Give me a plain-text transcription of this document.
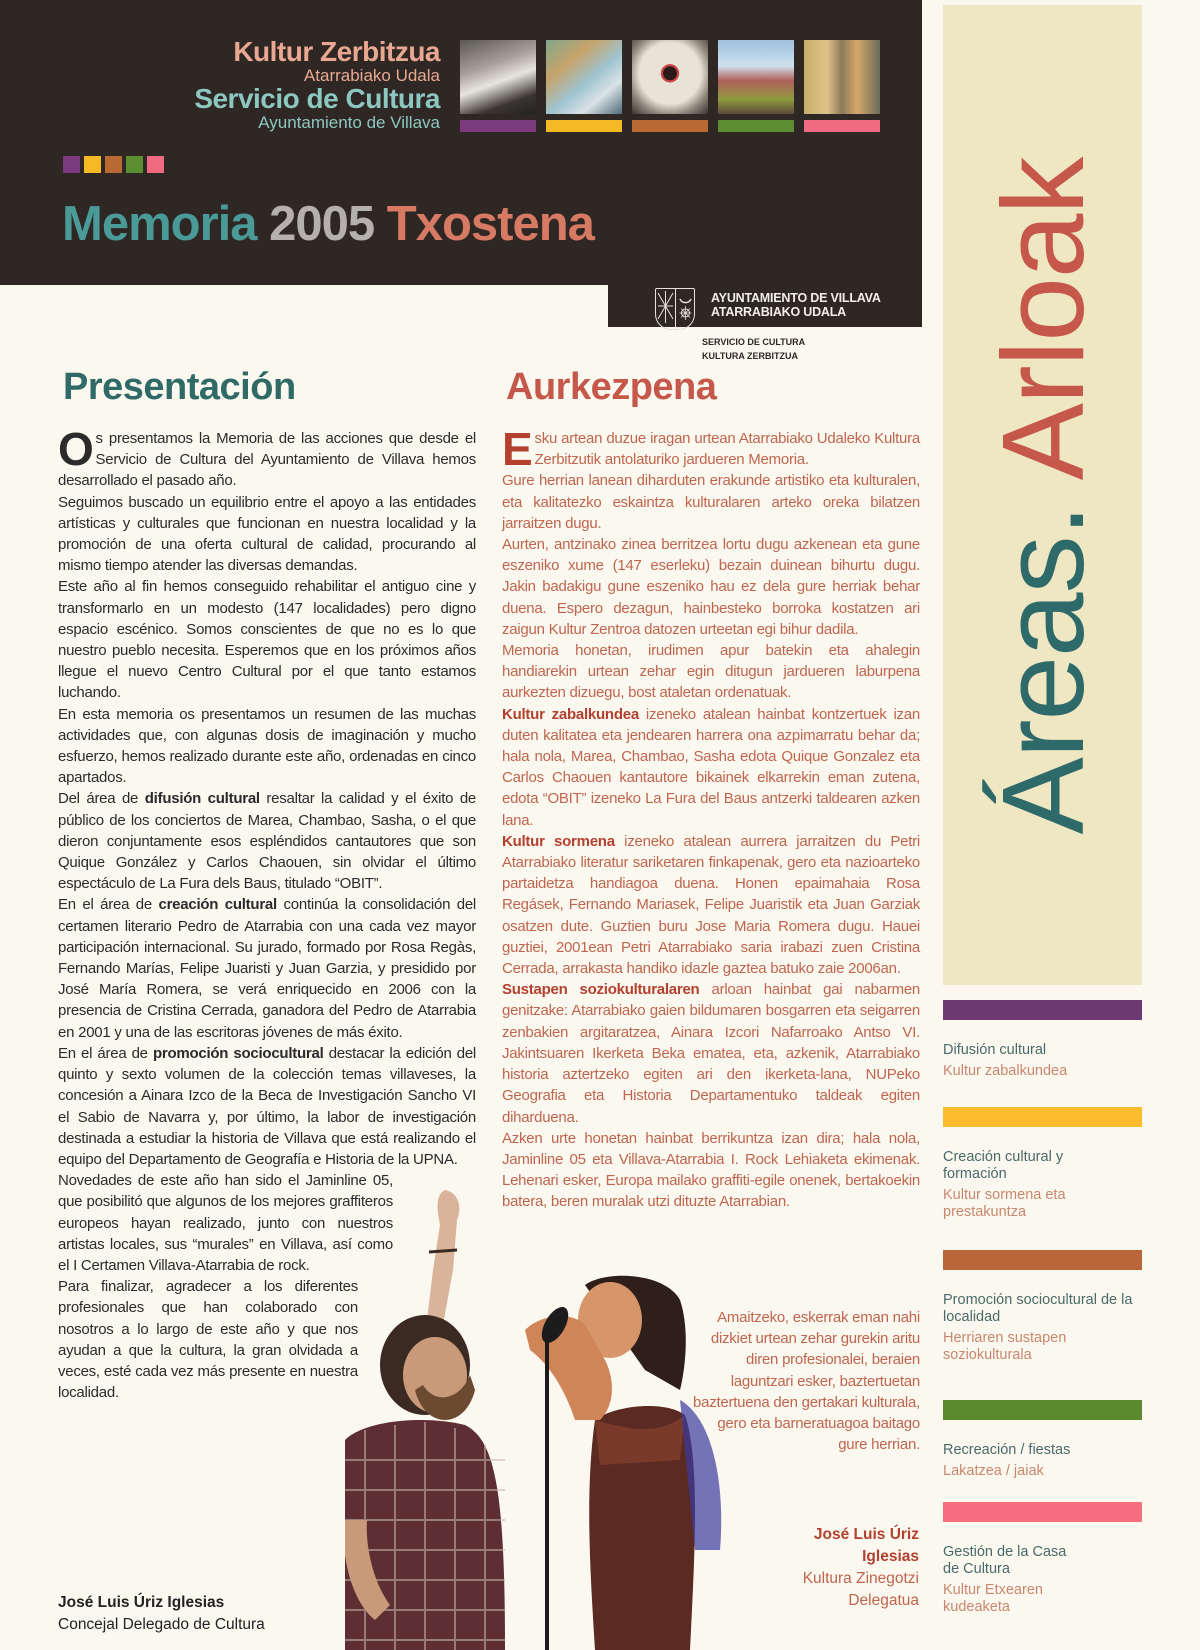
Kultur Zerbitzua
Atarrabiako Udala
Servicio de Cultura
Ayuntamiento de Villava
Memoria 2005 Txostena
AYUNTAMIENTO DE VILLAVA
ATARRABIAKO UDALA
SERVICIO DE CULTURA
KULTURA ZERBITZUA
Áreas. Arloak
Difusión cultural
Kultur zabalkundea
Creación cultural y formación
Kultur sormena eta prestakuntza
Promoción sociocultural de la localidad
Herriaren sustapen soziokulturala
Recreación / fiestas
Lakatzea / jaiak
Gestión de la Casa de Cultura
Kultur Etxearen kudeaketa
Presentación	Aurkezpena

Os presentamos la Memoria de las acciones que desde el Servicio de Cultura del Ayuntamiento de Villava hemos desarrollado el pasado año.

Seguimos buscado un equilibrio entre el apoyo a las entidades artísticas y culturales que funcionan en nuestra localidad y la promoción de una oferta cultural de calidad, procurando al mismo tiempo atender las diversas demandas.

Este año al fin hemos conseguido rehabilitar el antiguo cine y transformarlo en un modesto (147 localidades) pero digno espacio escénico. Somos conscientes de que no es lo que nuestro pueblo necesita. Esperemos que en los próximos años llegue el nuevo Centro Cultural por el que tanto estamos luchando.

En esta memoria os presentamos un resumen de las muchas actividades que, con algunas dosis de imaginación y mucho esfuerzo, hemos realizado durante este año, ordenadas en cinco apartados.

Del área de difusión cultural resaltar la calidad y el éxito de público de los conciertos de Marea, Chambao, Sasha, o el que dieron conjuntamente esos espléndidos cantautores que son Quique González y Carlos Chaouen, sin olvidar el último espectáculo de La Fura dels Baus, titulado “OBIT”.

En el área de creación cultural continúa la consolidación del certamen literario Pedro de Atarrabia con una cada vez mayor participación internacional. Su jurado, formado por Rosa Regàs, Fernando Marías, Felipe Juaristi y Juan Garzia, y presidido por José María Romera, se verá enriquecido en 2006 con la presencia de Cristina Cerrada, ganadora del Pedro de Atarrabia en 2001 y una de las escritoras jóvenes de más éxito.

En el área de promoción sociocultural destacar la edición del quinto y sexto volumen de la colección temas villaveses, la concesión a Ainara Izco de la Beca de Investigación Sancho VI el Sabio de Navarra y, por último, la labor de investigación destinada a estudiar la historia de Villava que está realizando el equipo del Departamento de Geografía e Historia de la UPNA.

Novedades de este año han sido el Jaminline 05, que posibilitó que algunos de los mejores graffiteros europeos hayan realizado, junto con nuestros artistas locales, sus “murales” en Villava, así como el I Certamen Villava-Atarrabia de rock.

Para finalizar, agradecer a los diferentes profesionales que han colaborado con nosotros a lo largo de este año y que nos ayudan a que la cultura, la gran olvidada a veces, esté cada vez más presente en nuestra localidad.

José Luis Úriz Iglesias
Concejal Delegado de Cultura

Esku artean duzue iragan urtean Atarrabiako Udaleko Kultura Zerbitzutik antolaturiko jardueren Memoria.

Gure herrian lanean diharduten erakunde artistiko eta kulturalen, eta kalitatezko eskaintza kulturalaren arteko oreka bilatzen jarraitzen dugu.

Aurten, antzinako zinea berritzea lortu dugu azkenean eta gune eszeniko xume (147 eserleku) bezain duinean bihurtu dugu. Jakin badakigu gune eszeniko hau ez dela gure herriak behar duena. Espero dezagun, hainbesteko borroka kostatzen ari zaigun Kultur Zentroa datozen urteetan egi bihur dadila.

Memoria honetan, irudimen apur batekin eta ahalegin handiarekin urtean zehar egin ditugun jardueren laburpena aurkezten dizuegu, bost ataletan ordenatuak.

Kultur zabalkundea izeneko atalean hainbat kontzertuek izan duten kalitatea eta jendearen harrera ona azpimarratu behar da; hala nola, Marea, Chambao, Sasha edota Quique Gonzalez eta Carlos Chaouen kantautore bikainek elkarrekin eman zutena, edota “OBIT” izeneko La Fura del Baus antzerki taldearen azken lana.

Kultur sormena izeneko atalean aurrera jarraitzen du Petri Atarrabiako literatur sariketaren finkapenak, gero eta nazioarteko partaidetza handiagoa duena. Honen epaimahaia Rosa Regásek, Fernando Mariasek, Felipe Juaristik eta Juan Garziak osatzen dute. Guztien buru Jose Maria Romera dugu. Hauei guztiei, 2001ean Petri Atarrabiako saria irabazi zuen Cristina Cerrada, arrakasta handiko idazle gaztea batuko zaie 2006an.

Sustapen soziokulturalaren arloan hainbat gai nabarmen genitzake: Atarrabiako gaien bildumaren bosgarren eta seigarren zenbakien argitaratzea, Ainara Izcori Nafarroako Antso VI. Jakintsuaren Ikerketa Beka ematea, eta, azkenik, Atarrabiako historia aztertzeko egiten ari den ikerketa-lana, NUPeko Geografia eta Historia Departamentuko taldeak egiten diharduena.

Azken urte honetan hainbat berrikuntza izan dira; hala nola, Jaminline 05 eta Villava-Atarrabia I. Rock Lehiaketa ekimenak. Lehenari esker, Europa mailako graffiti-egile onenek, bertakoekin batera, beren muralak utzi dituzte Atarrabian.

Amaitzeko, eskerrak eman nahi dizkiet urtean zehar gurekin aritu diren profesionalei, beraien laguntzari esker, baztertuetan baztertuena den gertakari kulturala, gero eta barneratuagoa baitago gure herrian.
José Luis Úriz
Iglesias
Kultura Zinegotzi
Delegatua
